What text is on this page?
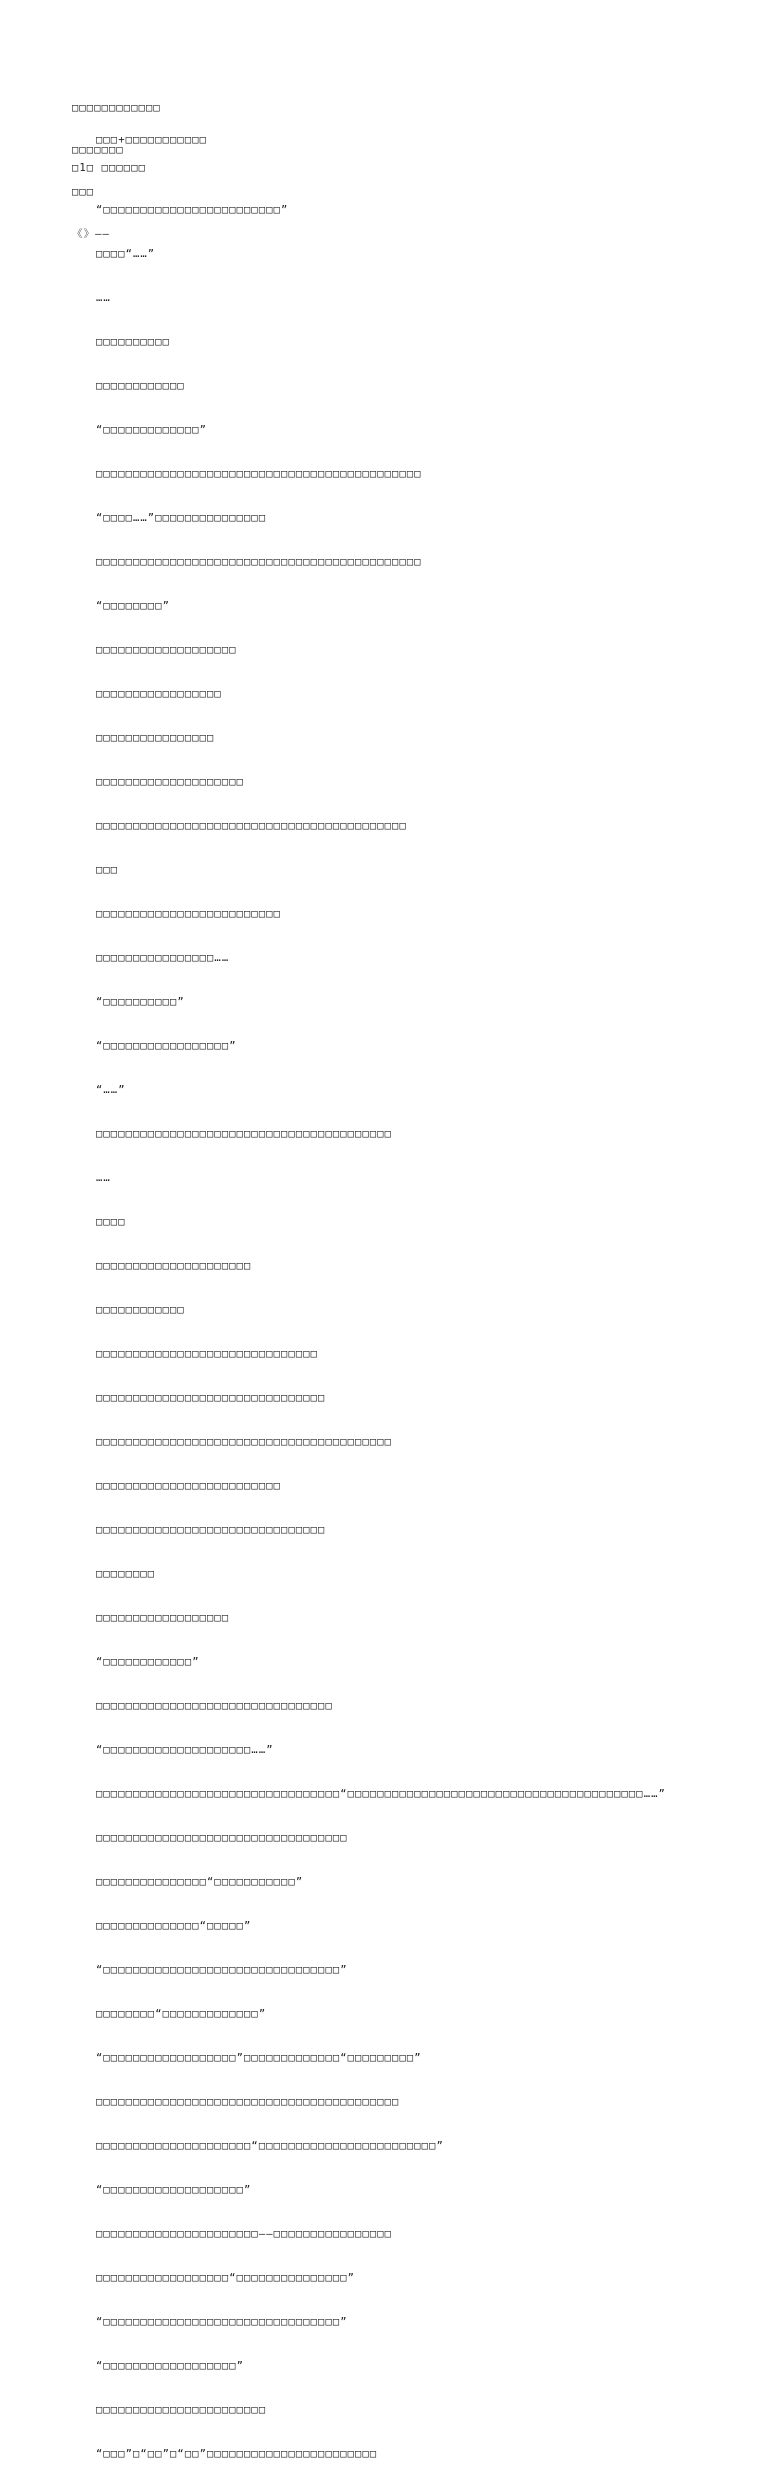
□□□□□□□□□□□□

□□□□□□□

□□□

《》——

□□□+□□□□□□□□□□□

□1□ □□□□□□

“□□□□□□□□□□□□□□□□□□□□□□□□”

□□□□“……”

……

□□□□□□□□□□

□□□□□□□□□□□□

“□□□□□□□□□□□□□”

□□□□□□□□□□□□□□□□□□□□□□□□□□□□□□□□□□□□□□□□□□□□

“□□□□……”□□□□□□□□□□□□□□□

□□□□□□□□□□□□□□□□□□□□□□□□□□□□□□□□□□□□□□□□□□□□

“□□□□□□□□”

□□□□□□□□□□□□□□□□□□□

□□□□□□□□□□□□□□□□□

□□□□□□□□□□□□□□□□

□□□□□□□□□□□□□□□□□□□□

□□□□□□□□□□□□□□□□□□□□□□□□□□□□□□□□□□□□□□□□□□

□□□

□□□□□□□□□□□□□□□□□□□□□□□□□

□□□□□□□□□□□□□□□□……

“□□□□□□□□□□”

“□□□□□□□□□□□□□□□□□”

“……”

□□□□□□□□□□□□□□□□□□□□□□□□□□□□□□□□□□□□□□□□

……

□□□□

□□□□□□□□□□□□□□□□□□□□□

□□□□□□□□□□□□

□□□□□□□□□□□□□□□□□□□□□□□□□□□□□□

□□□□□□□□□□□□□□□□□□□□□□□□□□□□□□□

□□□□□□□□□□□□□□□□□□□□□□□□□□□□□□□□□□□□□□□□

□□□□□□□□□□□□□□□□□□□□□□□□□

□□□□□□□□□□□□□□□□□□□□□□□□□□□□□□□

□□□□□□□□

□□□□□□□□□□□□□□□□□□

“□□□□□□□□□□□□”

□□□□□□□□□□□□□□□□□□□□□□□□□□□□□□□□

“□□□□□□□□□□□□□□□□□□□□……”

□□□□□□□□□□□□□□□□□□□□□□□□□□□□□□□□□“□□□□□□□□□□□□□□□□□□□□□□□□□□□□□□□□□□□□□□□□……”

□□□□□□□□□□□□□□□□□□□□□□□□□□□□□□□□□□

□□□□□□□□□□□□□□□“□□□□□□□□□□□”

□□□□□□□□□□□□□□“□□□□□”

“□□□□□□□□□□□□□□□□□□□□□□□□□□□□□□□□”

□□□□□□□□“□□□□□□□□□□□□□”

“□□□□□□□□□□□□□□□□□□”□□□□□□□□□□□□□“□□□□□□□□□”

□□□□□□□□□□□□□□□□□□□□□□□□□□□□□□□□□□□□□□□□□

□□□□□□□□□□□□□□□□□□□□□“□□□□□□□□□□□□□□□□□□□□□□□□”

“□□□□□□□□□□□□□□□□□□□”

□□□□□□□□□□□□□□□□□□□□□□——□□□□□□□□□□□□□□□□

□□□□□□□□□□□□□□□□□□“□□□□□□□□□□□□□□□”

“□□□□□□□□□□□□□□□□□□□□□□□□□□□□□□□□”

“□□□□□□□□□□□□□□□□□□”

□□□□□□□□□□□□□□□□□□□□□□□

“□□□”□“□□”□“□□”□□□□□□□□□□□□□□□□□□□□□□□
